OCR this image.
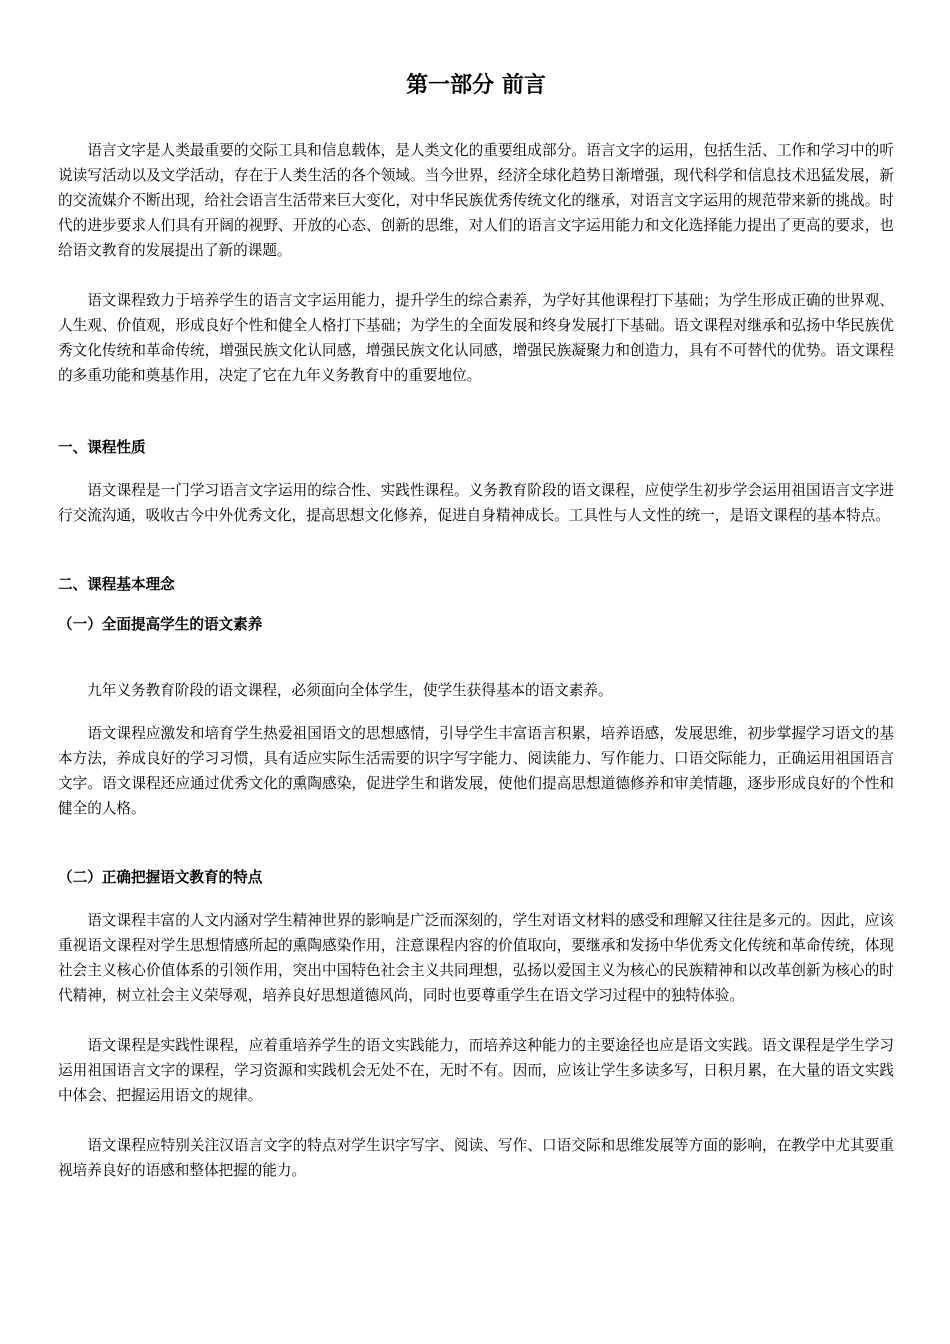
第一部分 前言

语言文字是人类最重要的交际工具和信息载体，是人类文化的重要组成部分。语言文字的运用，包括生活、工作和学习中的听说读写活动以及文学活动，存在于人类生活的各个领域。当今世界，经济全球化趋势日渐增强，现代科学和信息技术迅猛发展，新的交流媒介不断出现，给社会语言生活带来巨大变化，对中华民族优秀传统文化的继承，对语言文字运用的规范带来新的挑战。时代的进步要求人们具有开阔的视野、开放的心态、创新的思维，对人们的语言文字运用能力和文化选择能力提出了更高的要求，也给语文教育的发展提出了新的课题。

语文课程致力于培养学生的语言文字运用能力，提升学生的综合素养，为学好其他课程打下基础；为学生形成正确的世界观、人生观、价值观，形成良好个性和健全人格打下基础；为学生的全面发展和终身发展打下基础。语文课程对继承和弘扬中华民族优秀文化传统和革命传统，增强民族文化认同感，增强民族文化认同感，增强民族凝聚力和创造力，具有不可替代的优势。语文课程的多重功能和奠基作用，决定了它在九年义务教育中的重要地位。

一、课程性质

语文课程是一门学习语言文字运用的综合性、实践性课程。义务教育阶段的语文课程，应使学生初步学会运用祖国语言文字进行交流沟通，吸收古今中外优秀文化，提高思想文化修养，促进自身精神成长。工具性与人文性的统一，是语文课程的基本特点。

二、课程基本理念
（一）全面提高学生的语文素养

九年义务教育阶段的语文课程，必须面向全体学生，使学生获得基本的语文素养。

语文课程应激发和培育学生热爱祖国语文的思想感情，引导学生丰富语言积累，培养语感，发展思维，初步掌握学习语文的基本方法，养成良好的学习习惯，具有适应实际生活需要的识字写字能力、阅读能力、写作能力、口语交际能力，正确运用祖国语言文字。语文课程还应通过优秀文化的熏陶感染，促进学生和谐发展，使他们提高思想道德修养和审美情趣，逐步形成良好的个性和健全的人格。

（二）正确把握语文教育的特点

语文课程丰富的人文内涵对学生精神世界的影响是广泛而深刻的，学生对语文材料的感受和理解又往往是多元的。因此，应该重视语文课程对学生思想情感所起的熏陶感染作用，注意课程内容的价值取向，要继承和发扬中华优秀文化传统和革命传统，体现社会主义核心价值体系的引领作用，突出中国特色社会主义共同理想，弘扬以爱国主义为核心的民族精神和以改革创新为核心的时代精神，树立社会主义荣辱观，培养良好思想道德风尚，同时也要尊重学生在语文学习过程中的独特体验。

语文课程是实践性课程，应着重培养学生的语文实践能力，而培养这种能力的主要途径也应是语文实践。语文课程是学生学习运用祖国语言文字的课程，学习资源和实践机会无处不在，无时不有。因而，应该让学生多读多写，日积月累，在大量的语文实践中体会、把握运用语文的规律。

语文课程应特别关注汉语言文字的特点对学生识字写字、阅读、写作、口语交际和思维发展等方面的影响，在教学中尤其要重视培养良好的语感和整体把握的能力。
